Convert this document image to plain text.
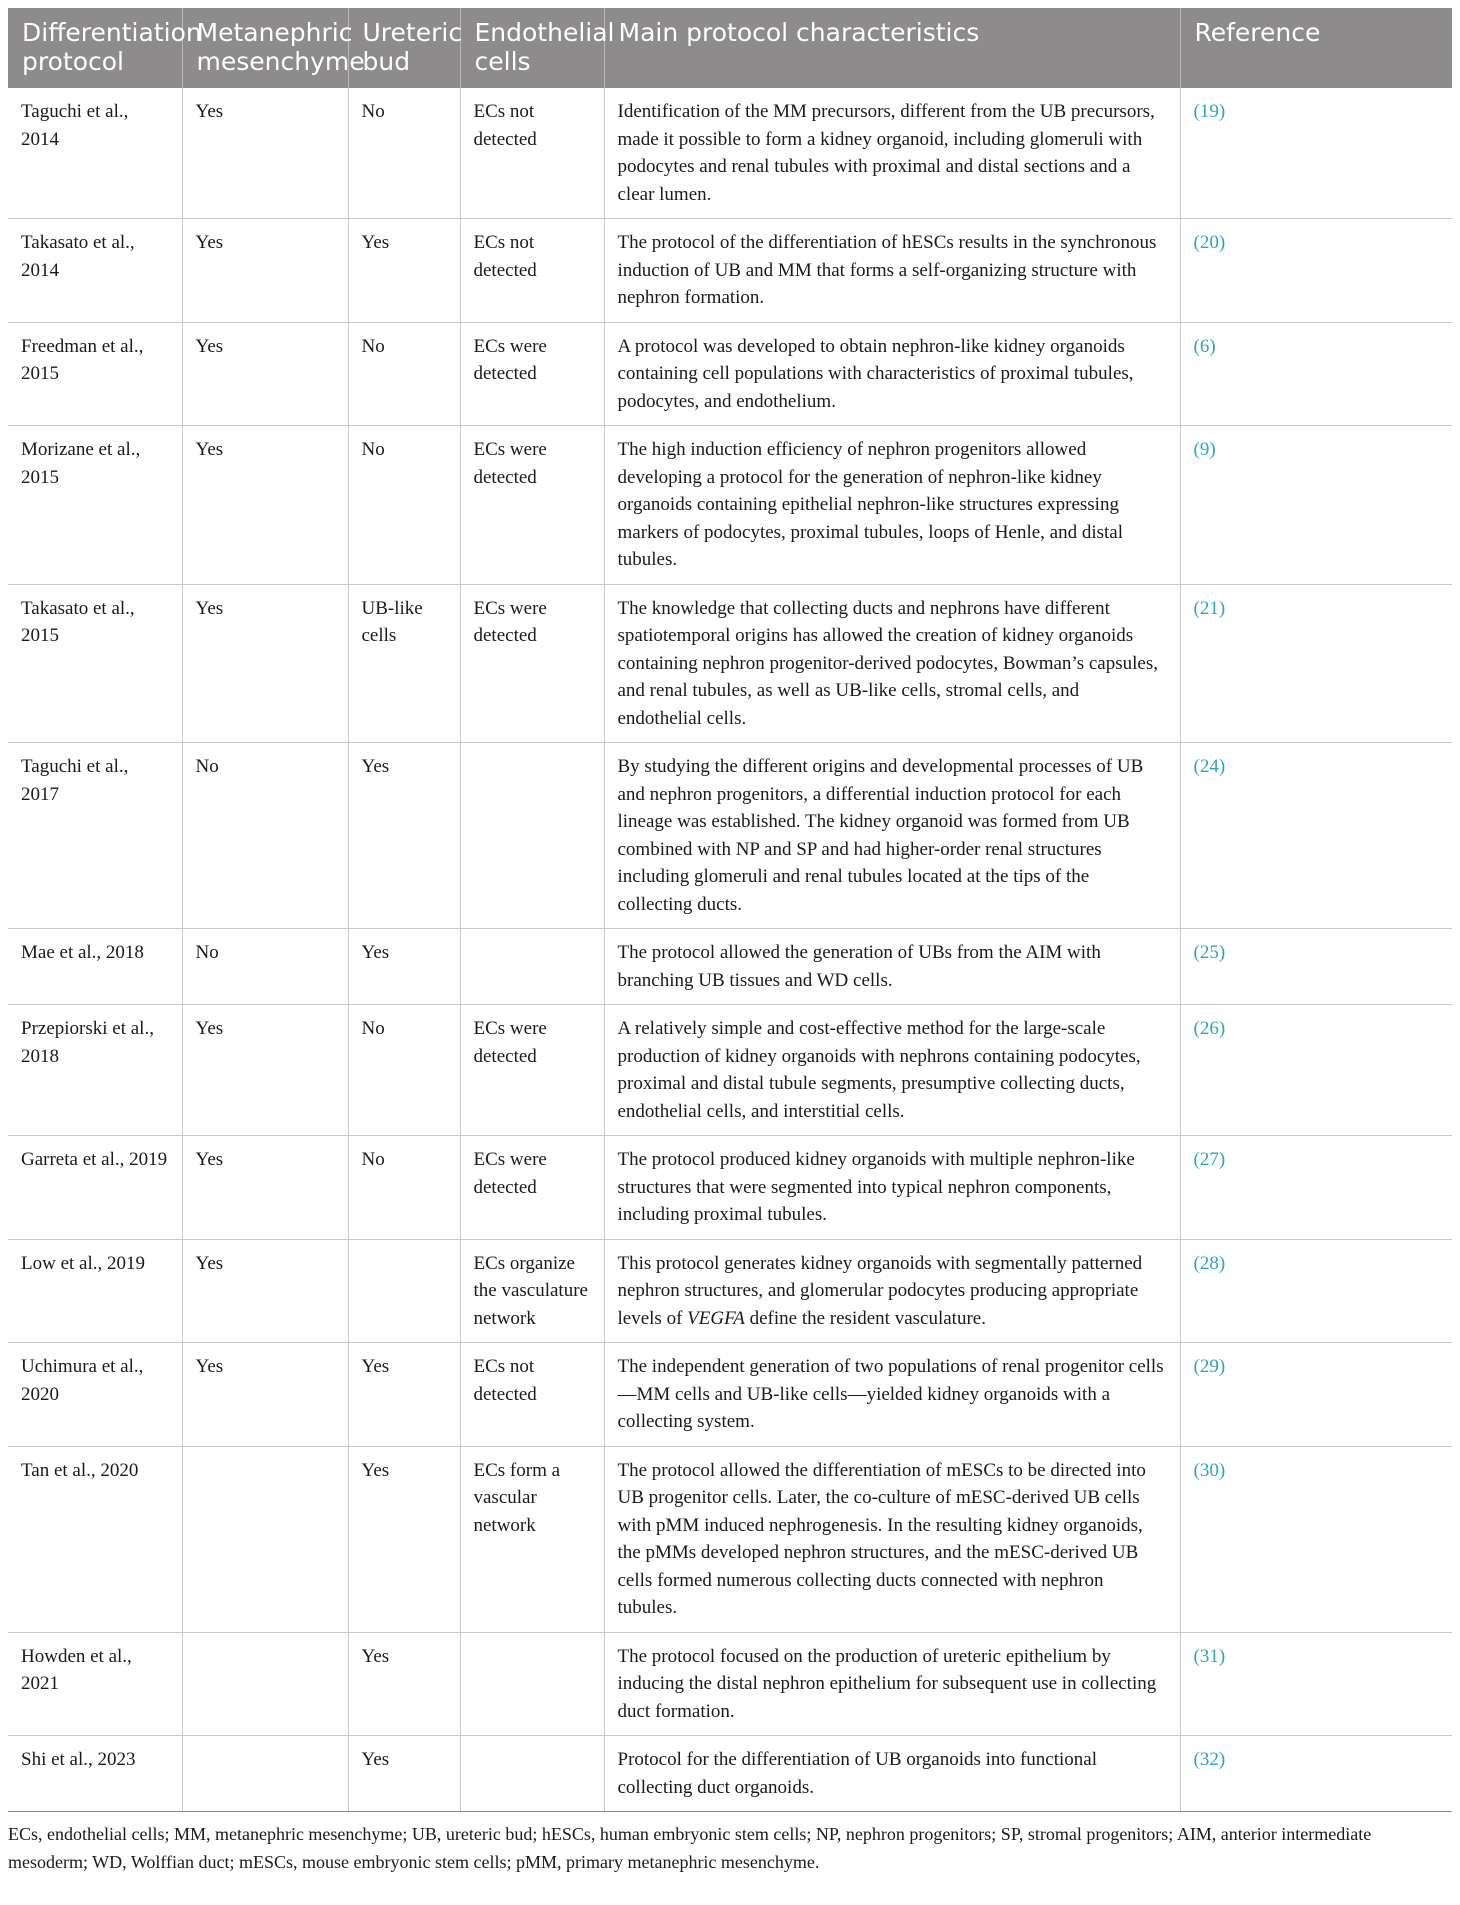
Differentiation protocol	Metanephric mesenchyme	Ureteric bud	Endothelial cells	Main protocol characteristics	Reference
Taguchi et al., 2014	Yes	No	ECs not detected	Identification of the MM precursors, different from the UB precursors, made it possible to form a kidney organoid, including glomeruli with podocytes and renal tubules with proximal and distal sections and a clear lumen.	(19)
Takasato et al., 2014	Yes	Yes	ECs not detected	The protocol of the differentiation of hESCs results in the synchronous induction of UB and MM that forms a self-organizing structure with nephron formation.	(20)
Freedman et al., 2015	Yes	No	ECs were detected	A protocol was developed to obtain nephron-like kidney organoids containing cell populations with characteristics of proximal tubules, podocytes, and endothelium.	(6)
Morizane et al., 2015	Yes	No	ECs were detected	The high induction efficiency of nephron progenitors allowed developing a protocol for the generation of nephron-like kidney organoids containing epithelial nephron-like structures expressing markers of podocytes, proximal tubules, loops of Henle, and distal tubules.	(9)
Takasato et al., 2015	Yes	UB-like cells	ECs were detected	The knowledge that collecting ducts and nephrons have different spatiotemporal origins has allowed the creation of kidney organoids containing nephron progenitor-derived podocytes, Bowman’s capsules, and renal tubules, as well as UB-like cells, stromal cells, and endothelial cells.	(21)
Taguchi et al., 2017	No	Yes		By studying the different origins and developmental processes of UB and nephron progenitors, a differential induction protocol for each lineage was established. The kidney organoid was formed from UB combined with NP and SP and had higher-order renal structures including glomeruli and renal tubules located at the tips of the collecting ducts.	(24)
Mae et al., 2018	No	Yes		The protocol allowed the generation of UBs from the AIM with branching UB tissues and WD cells.	(25)
Przepiorski et al., 2018	Yes	No	ECs were detected	A relatively simple and cost-effective method for the large-scale production of kidney organoids with nephrons containing podocytes, proximal and distal tubule segments, presumptive collecting ducts, endothelial cells, and interstitial cells.	(26)
Garreta et al., 2019	Yes	No	ECs were detected	The protocol produced kidney organoids with multiple nephron-like structures that were segmented into typical nephron components, including proximal tubules.	(27)
Low et al., 2019	Yes		ECs organize the vasculature network	This protocol generates kidney organoids with segmentally patterned nephron structures, and glomerular podocytes producing appropriate levels of VEGFA define the resident vasculature.	(28)
Uchimura et al., 2020	Yes	Yes	ECs not detected	The independent generation of two populations of renal progenitor cells—MM cells and UB-like cells—yielded kidney organoids with a collecting system.	(29)
Tan et al., 2020		Yes	ECs form a vascular network	The protocol allowed the differentiation of mESCs to be directed into UB progenitor cells. Later, the co-culture of mESC-derived UB cells with pMM induced nephrogenesis. In the resulting kidney organoids, the pMMs developed nephron structures, and the mESC-derived UB cells formed numerous collecting ducts connected with nephron tubules.	(30)
Howden et al., 2021		Yes		The protocol focused on the production of ureteric epithelium by inducing the distal nephron epithelium for subsequent use in collecting duct formation.	(31)
Shi et al., 2023		Yes		Protocol for the differentiation of UB organoids into functional collecting duct organoids.	(32)

ECs, endothelial cells; MM, metanephric mesenchyme; UB, ureteric bud; hESCs, human embryonic stem cells; NP, nephron progenitors; SP, stromal progenitors; AIM, anterior intermediate mesoderm; WD, Wolffian duct; mESCs, mouse embryonic stem cells; pMM, primary metanephric mesenchyme.
